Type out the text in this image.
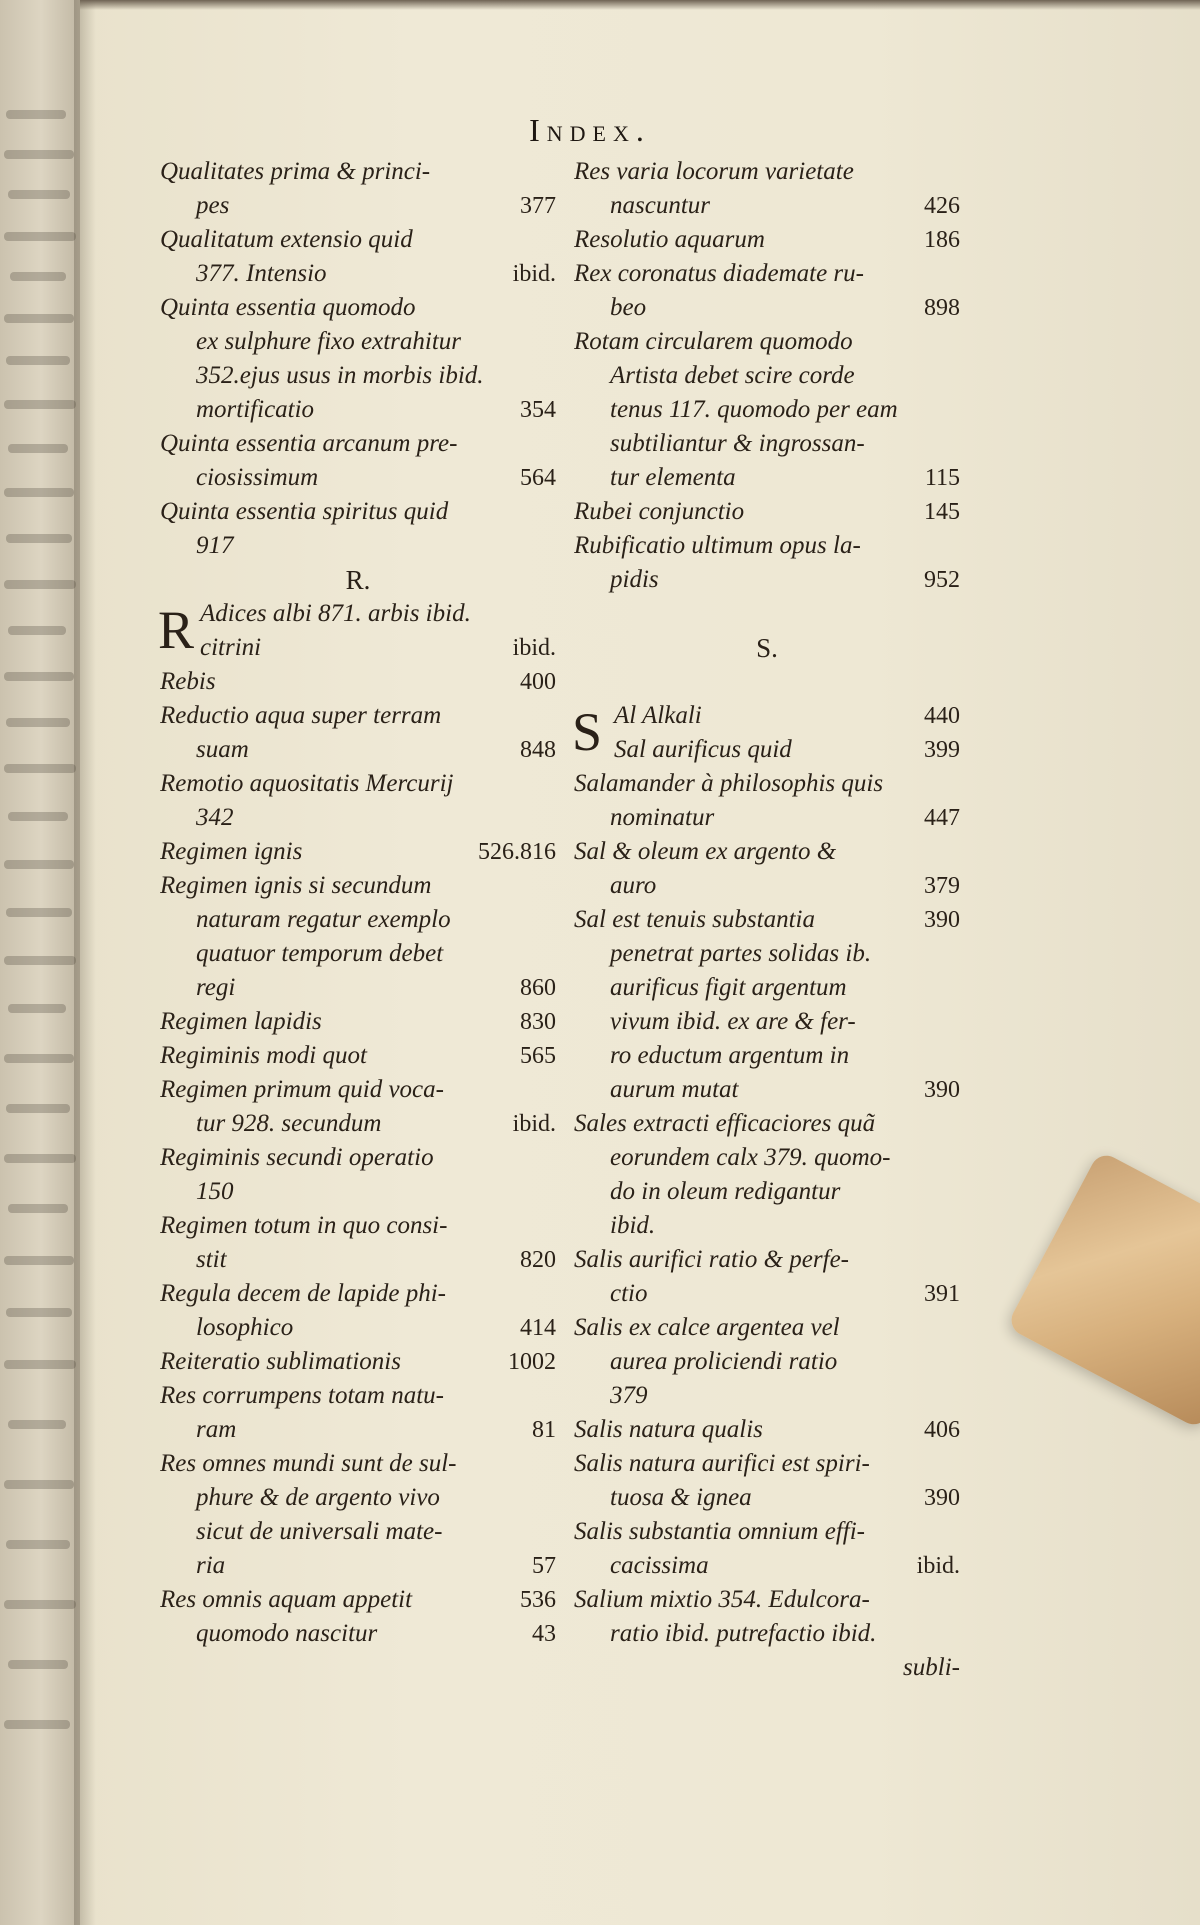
Index.
Qualitates prima & princi-
pes	377
Qualitatum extensio quid
377. Intensio	ibid.
Quinta essentia quomodo
ex sulphure fixo extrahitur
352.ejus usus in morbis ibid.
mortificatio	354
Quinta essentia arcanum pre-
ciosissimum	564
Quinta essentia spiritus quid
917
R.
R Adices albi 871. arbis ibid.
citrini	ibid.
Rebis	400
Reductio aqua super terram
suam	848
Remotio aquositatis Mercurij
342
Regimen ignis	526.816
Regimen ignis si secundum
naturam regatur exemplo
quatuor temporum debet
regi	860
Regimen lapidis	830
Regiminis modi quot	565
Regimen primum quid voca-
tur 928. secundum	ibid.
Regiminis secundi operatio
150
Regimen totum in quo consi-
stit	820
Regula decem de lapide phi-
losophico	414
Reiteratio sublimationis	1002
Res corrumpens totam natu-
ram	81
Res omnes mundi sunt de sul-
phure & de argento vivo
sicut de universali mate-
ria	57
Res omnis aquam appetit	536
quomodo nascitur	43
Res varia locorum varietate
nascuntur	426
Resolutio aquarum	186
Rex coronatus diademate ru-
beo	898
Rotam circularem quomodo
Artista debet scire corde
tenus 117. quomodo per eam
subtiliantur & ingrossan-
tur elementa	115
Rubei conjunctio	145
Rubificatio ultimum opus la-
pidis	952
S.
S Al Alkali	440
Sal aurificus quid	399
Salamander à philosophis quis
nominatur	447
Sal & oleum ex argento &
auro	379
Sal est tenuis substantia	390
penetrat partes solidas ib.
aurificus figit argentum
vivum ibid. ex are & fer-
ro eductum argentum in
aurum mutat	390
Sales extracti efficaciores quã
eorundem calx 379. quomo-
do in oleum redigantur
ibid.
Salis aurifici ratio & perfe-
ctio	391
Salis ex calce argentea vel
aurea proliciendi ratio
379
Salis natura qualis	406
Salis natura aurifici est spiri-
tuosa & ignea	390
Salis substantia omnium effi-
cacissima	ibid.
Salium mixtio 354. Edulcora-
ratio ibid. putrefactio ibid.
subli-
